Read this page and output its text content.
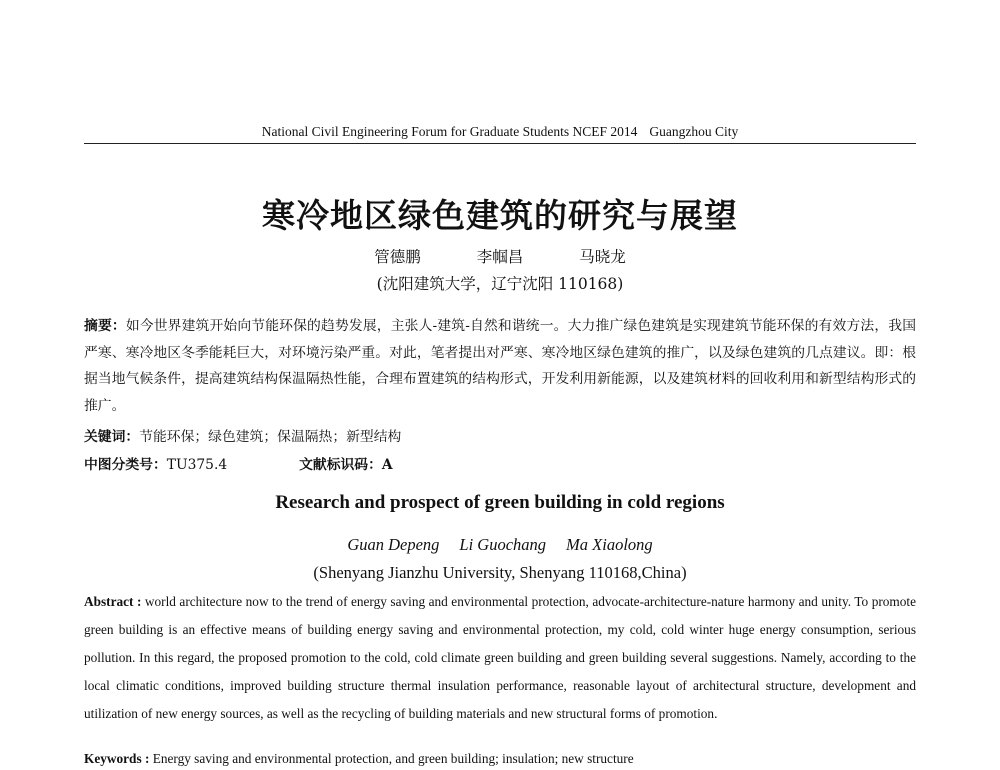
National Civil Engineering Forum for Graduate Students NCEF 2014 Guangzhou City
寒冷地区绿色建筑的研究与展望
管德鹏	李帼昌	马晓龙
(沈阳建筑大学，辽宁沈阳 110168)
摘要：如今世界建筑开始向节能环保的趋势发展，主张人-建筑-自然和谐统一。大力推广绿色建筑是实现建筑节能环保的有效方法，我国严寒、寒冷地区冬季能耗巨大，对环境污染严重。对此，笔者提出对严寒、寒冷地区绿色建筑的推广，以及绿色建筑的几点建议。即：根据当地气候条件，提高建筑结构保温隔热性能，合理布置建筑的结构形式，开发利用新能源，以及建筑材料的回收利用和新型结构形式的推广。
关键词：节能环保；绿色建筑；保温隔热；新型结构
中图分类号：TU375.4	文献标识码：A
Research and prospect of green building in cold regions
Guan Depeng Li Guochang Ma Xiaolong
(Shenyang Jianzhu University, Shenyang 110168,China)
Abstract : world architecture now to the trend of energy saving and environmental protection, advocate-architecture-nature harmony and unity. To promote green building is an effective means of building energy saving and environmental protection, my cold, cold winter huge energy consumption, serious pollution. In this regard, the proposed promotion to the cold, cold climate green building and green building several suggestions. Namely, according to the local climatic conditions, improved building structure thermal insulation performance, reasonable layout of architectural structure, development and utilization of new energy sources, as well as the recycling of building materials and new structural forms of promotion.
Keywords : Energy saving and environmental protection, and green building; insulation; new structure
